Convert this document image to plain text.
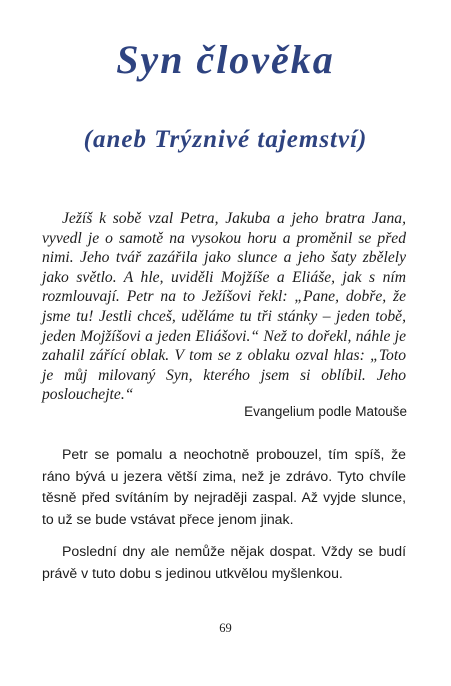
Syn člověka
(aneb Trýznivé tajemství)

Ježíš k sobě vzal Petra, Jakuba a jeho bratra Jana, vyvedl je o samotě na vysokou horu a proměnil se před nimi. Jeho tvář zazářila jako slunce a jeho šaty zbělely jako světlo. A hle, uviděli Mojžíše a Eliáše, jak s ním rozmlouvají. Petr na to Ježíšovi řekl: „Pane, dobře, že jsme tu! Jestli chceš, uděláme tu tři stánky – jeden tobě, jeden Mojžíšovi a jeden Eliášovi.“ Než to dořekl, náhle je zahalil zářící oblak. V tom se z oblaku ozval hlas: „Toto je můj milovaný Syn, kterého jsem si oblíbil. Jeho poslouchejte.“

Evangelium podle Matouše

Petr se pomalu a neochotně probouzel, tím spíš, že ráno bývá u jezera větší zima, než je zdrávo. Tyto chvíle těsně před svítáním by nejraději zaspal. Až vyjde slunce, to už se bude vstávat přece jenom jinak.

Poslední dny ale nemůže nějak dospat. Vždy se budí právě v tuto dobu s jedinou utkvělou myšlenkou.

69
